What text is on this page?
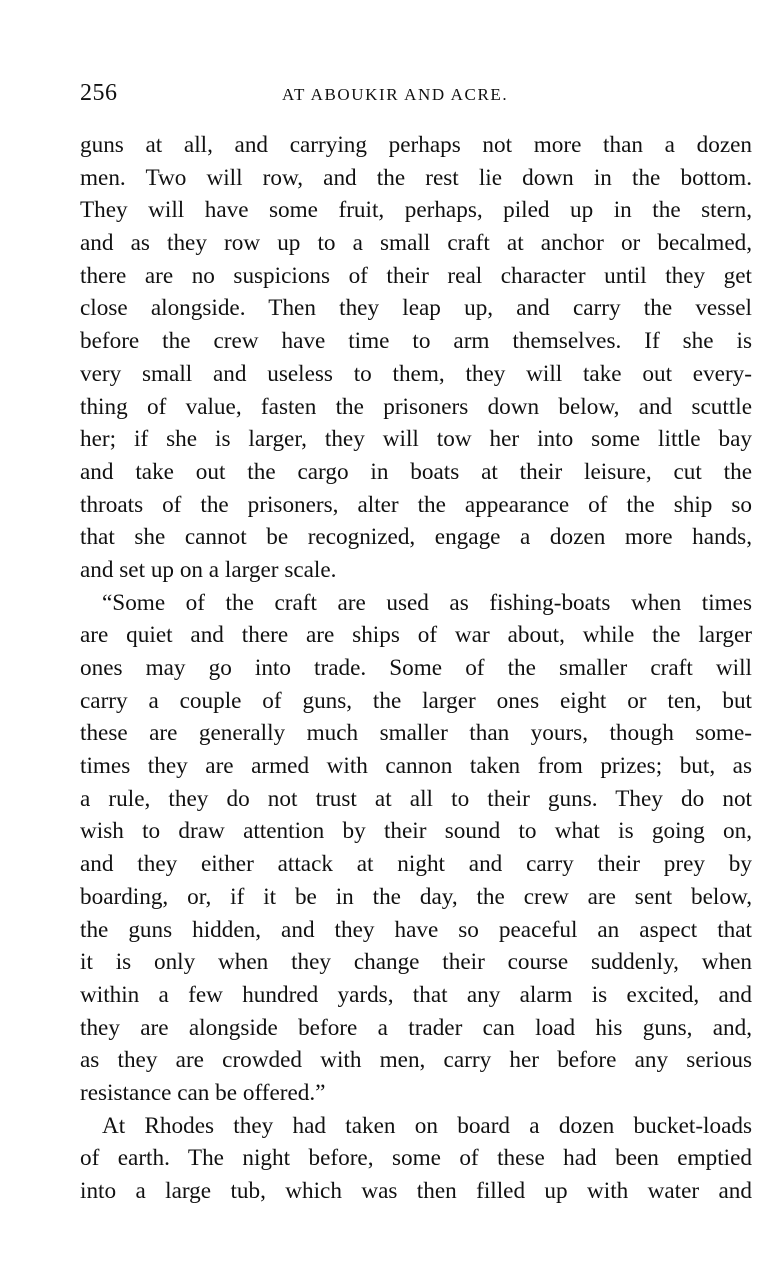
256	AT ABOUKIR AND ACRE.
guns at all, and carrying perhaps not more than a dozen
men. Two will row, and the rest lie down in the bottom.
They will have some fruit, perhaps, piled up in the stern,
and as they row up to a small craft at anchor or becalmed,
there are no suspicions of their real character until they get
close alongside. Then they leap up, and carry the vessel
before the crew have time to arm themselves. If she is
very small and useless to them, they will take out every-
thing of value, fasten the prisoners down below, and scuttle
her; if she is larger, they will tow her into some little bay
and take out the cargo in boats at their leisure, cut the
throats of the prisoners, alter the appearance of the ship so
that she cannot be recognized, engage a dozen more hands,
and set up on a larger scale.
“Some of the craft are used as fishing-boats when times
are quiet and there are ships of war about, while the larger
ones may go into trade. Some of the smaller craft will
carry a couple of guns, the larger ones eight or ten, but
these are generally much smaller than yours, though some-
times they are armed with cannon taken from prizes; but, as
a rule, they do not trust at all to their guns. They do not
wish to draw attention by their sound to what is going on,
and they either attack at night and carry their prey by
boarding, or, if it be in the day, the crew are sent below,
the guns hidden, and they have so peaceful an aspect that
it is only when they change their course suddenly, when
within a few hundred yards, that any alarm is excited, and
they are alongside before a trader can load his guns, and,
as they are crowded with men, carry her before any serious
resistance can be offered.”
At Rhodes they had taken on board a dozen bucket-loads
of earth. The night before, some of these had been emptied
into a large tub, which was then filled up with water and
